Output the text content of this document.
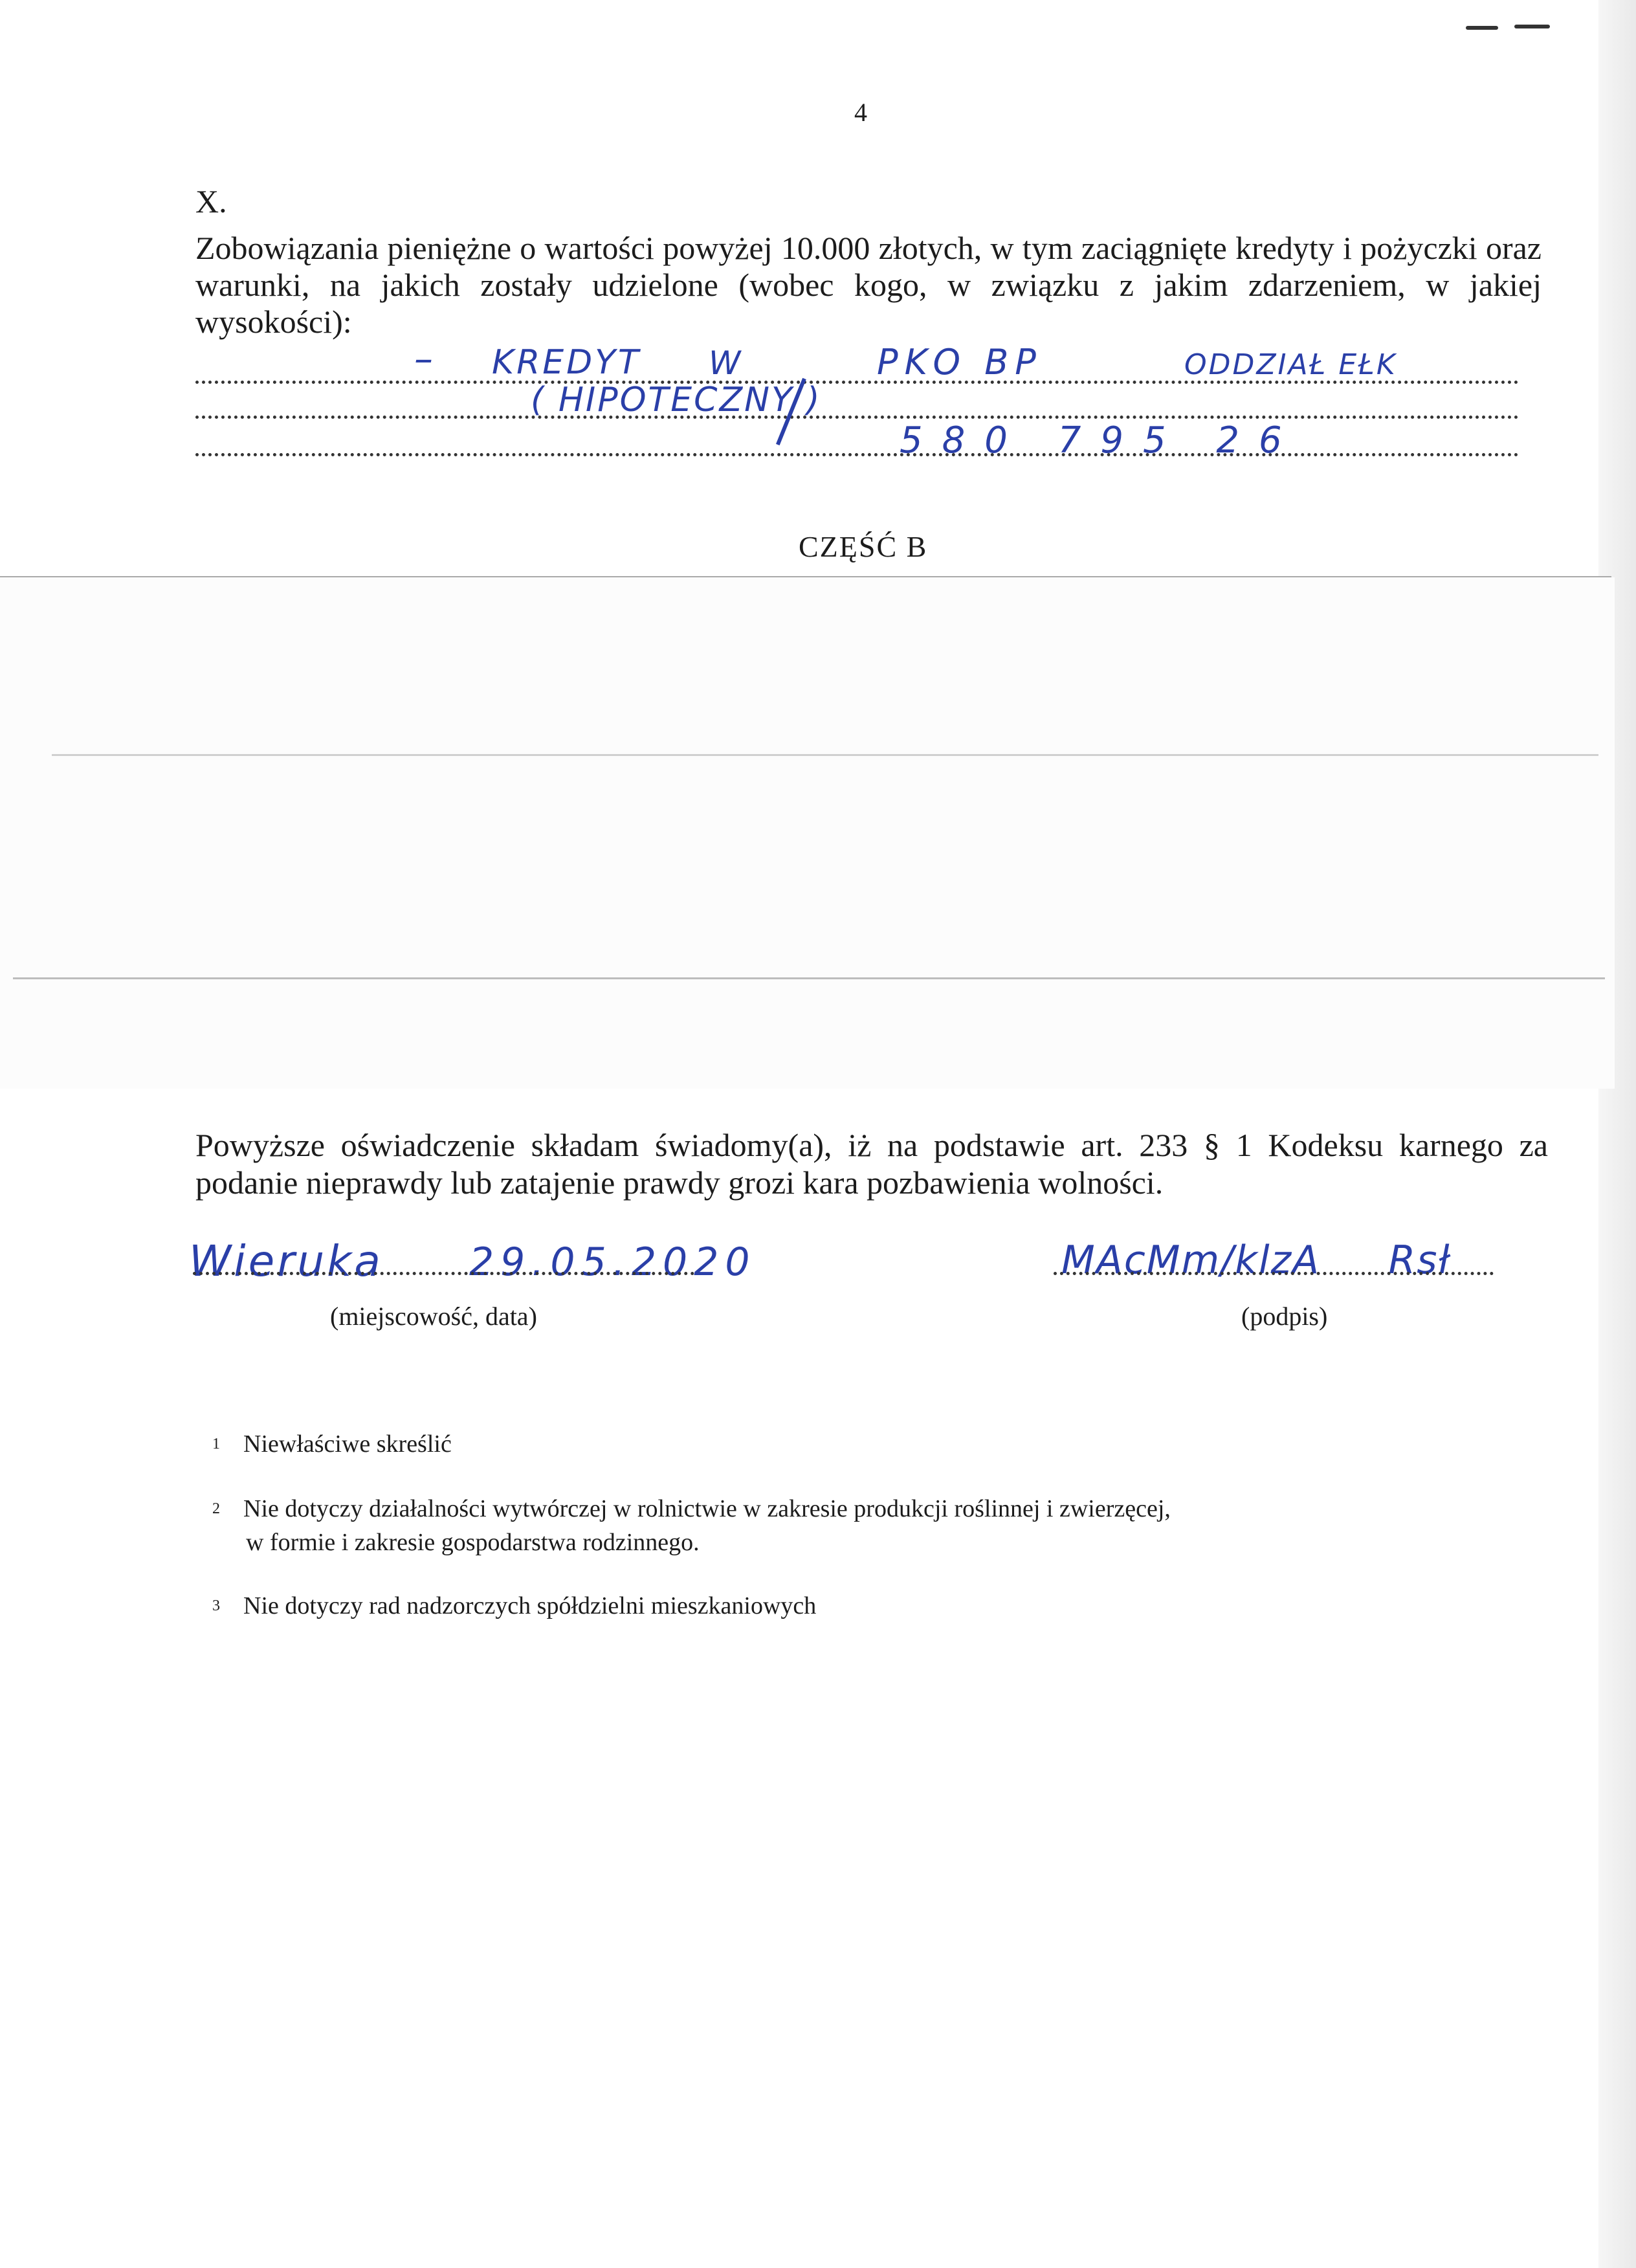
4
X.
Zobowiązania pieniężne o wartości powyżej 10.000 złotych, w tym zaciągnięte kredyty i pożyczki oraz warunki, na jakich zostały udzielone (wobec kogo, w związku z jakim zdarzeniem, w jakiej wysokości):
– KREDYT W	PKO BP	ODDZIAŁ EŁK
( HIPOTECZNY )
580 795 26
CZĘŚĆ B
Powyższe oświadczenie składam świadomy(a), iż na podstawie art. 233 § 1 Kodeksu karnego za podanie nieprawdy lub zatajenie prawdy grozi kara pozbawienia wolności.
Wieruka 29.05.2020
(miejscowość, data)
MAcMm/k​l​z​A     R​s​ł
(podpis)
$^1$ Niewłaściwe skreślić
$^2$ Nie dotyczy działalności wytwórczej w rolnictwie w zakresie produkcji roślinnej i zwierzęcej,
w formie i zakresie gospodarstwa rodzinnego.
$^3$ Nie dotyczy rad nadzorczych spółdzielni mieszkaniowych
